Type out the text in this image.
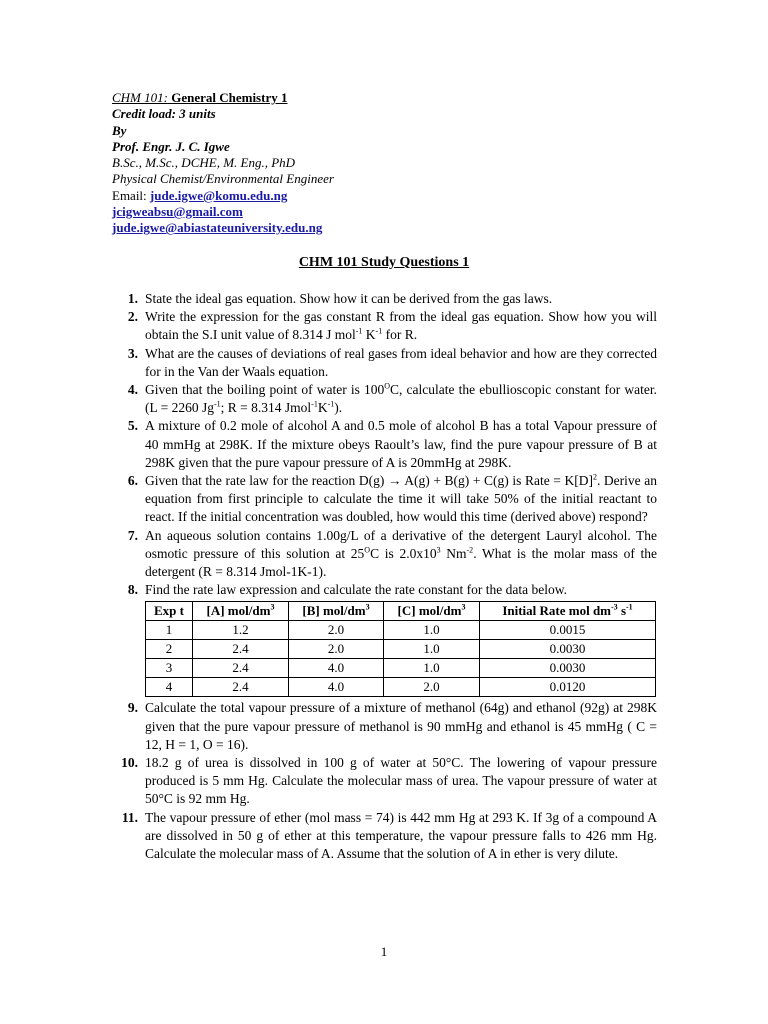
CHM 101: General Chemistry 1
Credit load: 3 units
By
Prof. Engr. J. C. Igwe
B.Sc., M.Sc., DCHE, M. Eng., PhD
Physical Chemist/Environmental Engineer
Email: jude.igwe@komu.edu.ng
jcigweabsu@gmail.com
jude.igwe@abiastateuniversity.edu.ng
CHM 101 Study Questions 1
1. State the ideal gas equation. Show how it can be derived from the gas laws.
2. Write the expression for the gas constant R from the ideal gas equation. Show how you will obtain the S.I unit value of 8.314 J mol$^{-1}$ $K^{-1}$ for R.
3. What are the causes of deviations of real gases from ideal behavior and how are they corrected for in the Van der Waals equation.
4. Given that the boiling point of water is $100^OC$, calculate the ebullioscopic constant for water. (L = 2260 $Jg^{-1}$; R = 8.314 $Jmol^{-1}K^{-1}$).
5. A mixture of 0.2 mole of alcohol A and 0.5 mole of alcohol B has a total Vapour pressure of 40 mmHg at 298K. If the mixture obeys Raoult’s law, find the pure vapour pressure of B at 298K given that the pure vapour pressure of A is 20mmHg at 298K.
6. Given that the rate law for the reaction D(g) → A(g) + B(g) + C(g) is Rate = $K[D]^2$. Derive an equation from first principle to calculate the time it will take 50% of the initial reactant to react. If the initial concentration was doubled, how would this time (derived above) respond?
7. An aqueous solution contains 1.00g/L of a derivative of the detergent Lauryl alcohol. The osmotic pressure of this solution at $25^OC$ is $2.0x10^3$ $Nm^{-2}$. What is the molar mass of the detergent (R = 8.314 Jmol-1K-1).
8. Find the rate law expression and calculate the rate constant for the data below.
Exp t	[A] mol/$dm^3$	[B] mol/$dm^3$	[C] mol/$dm^3$	Initial Rate mol $dm^{-3}$ $s^{-1}$
1	1.2	2.0	1.0	0.0015
2	2.4	2.0	1.0	0.0030
3	2.4	4.0	1.0	0.0030
4	2.4	4.0	2.0	0.0120
9. Calculate the total vapour pressure of a mixture of methanol (64g) and ethanol (92g) at 298K given that the pure vapour pressure of methanol is 90 mmHg and ethanol is 45 mmHg ( C = 12, H = 1, O = 16).
10. 18.2 g of urea is dissolved in 100 g of water at 50°C. The lowering of vapour pressure produced is 5 mm Hg. Calculate the molecular mass of urea. The vapour pressure of water at 50°C is 92 mm Hg.
11. The vapour pressure of ether (mol mass = 74) is 442 mm Hg at 293 K. If 3g of a compound A are dissolved in 50 g of ether at this temperature, the vapour pressure falls to 426 mm Hg. Calculate the molecular mass of A. Assume that the solution of A in ether is very dilute.
1
